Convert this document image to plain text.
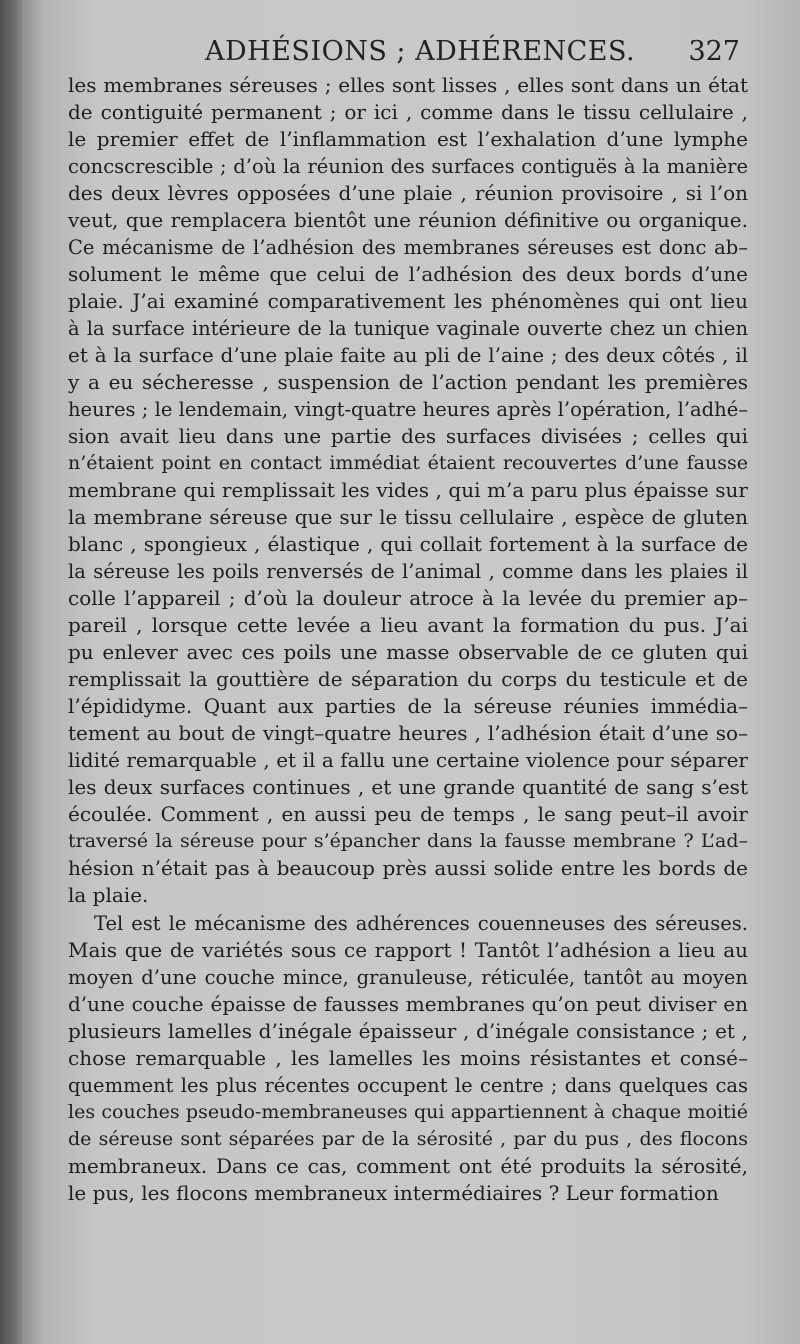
ADHÉSIONS ; ADHÉRENCES. 327

les membranes séreuses ; elles sont lisses , elles sont dans un état
de contiguité permanent ; or ici , comme dans le tissu cellulaire ,
le premier effet de l’inflammation est l’exhalation d’une lymphe
concscrescible ; d’où la réunion des surfaces contiguës à la manière
des deux lèvres opposées d’une plaie , réunion provisoire , si l’on
veut, que remplacera bientôt une réunion définitive ou organique.
Ce mécanisme de l’adhésion des membranes séreuses est donc ab–
solument le même que celui de l’adhésion des deux bords d’une
plaie. J’ai examiné comparativement les phénomènes qui ont lieu
à la surface intérieure de la tunique vaginale ouverte chez un chien
et à la surface d’une plaie faite au pli de l’aine ; des deux côtés , il
y a eu sécheresse , suspension de l’action pendant les premières
heures ; le lendemain, vingt-quatre heures après l’opération, l’adhé–
sion avait lieu dans une partie des surfaces divisées ; celles qui
n’étaient point en contact immédiat étaient recouvertes d’une fausse
membrane qui remplissait les vides , qui m’a paru plus épaisse sur
la membrane séreuse que sur le tissu cellulaire , espèce de gluten
blanc , spongieux , élastique , qui collait fortement à la surface de
la séreuse les poils renversés de l’animal , comme dans les plaies il
colle l’appareil ; d’où la douleur atroce à la levée du premier ap–
pareil , lorsque cette levée a lieu avant la formation du pus. J’ai
pu enlever avec ces poils une masse observable de ce gluten qui
remplissait la gouttière de séparation du corps du testicule et de
l’épididyme. Quant aux parties de la séreuse réunies immédia–
tement au bout de vingt–quatre heures , l’adhésion était d’une so–
lidité remarquable , et il a fallu une certaine violence pour séparer
les deux surfaces continues , et une grande quantité de sang s’est
écoulée. Comment , en aussi peu de temps , le sang peut–il avoir
traversé la séreuse pour s’épancher dans la fausse membrane ? L’ad–
hésion n’était pas à beaucoup près aussi solide entre les bords de
la plaie.

Tel est le mécanisme des adhérences couenneuses des séreuses.
Mais que de variétés sous ce rapport ! Tantôt l’adhésion a lieu au
moyen d’une couche mince, granuleuse, réticulée, tantôt au moyen
d’une couche épaisse de fausses membranes qu’on peut diviser en
plusieurs lamelles d’inégale épaisseur , d’inégale consistance ; et ,
chose remarquable , les lamelles les moins résistantes et consé–
quemment les plus récentes occupent le centre ; dans quelques cas
les couches pseudo-membraneuses qui appartiennent à chaque moitié
de séreuse sont séparées par de la sérosité , par du pus , des flocons
membraneux. Dans ce cas, comment ont été produits la sérosité,
le pus, les flocons membraneux intermédiaires ? Leur formation
